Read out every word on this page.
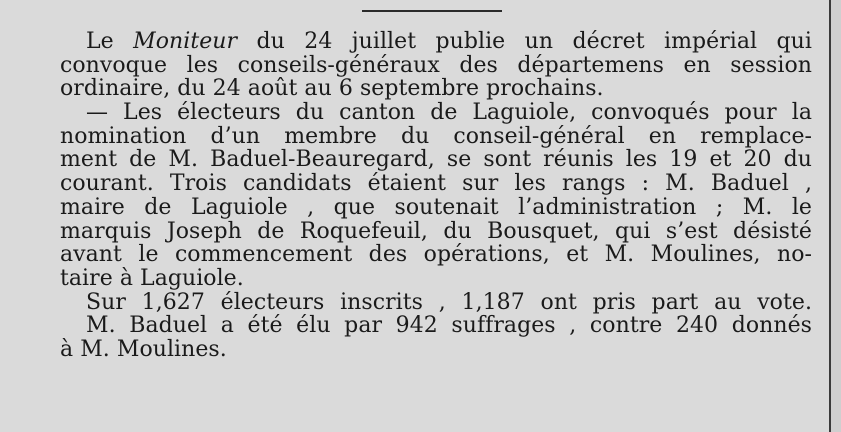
Le Moniteur du 24 juillet publie un décret impérial qui
convoque les conseils-généraux des départemens en session
ordinaire, du 24 août au 6 septembre prochains.
— Les électeurs du canton de Laguiole, convoqués pour la
nomination d’un membre du conseil-général en remplace-
ment de M. Baduel-Beauregard, se sont réunis les 19 et 20 du
courant. Trois candidats étaient sur les rangs : M. Baduel ,
maire de Laguiole , que soutenait l’administration ; M. le
marquis Joseph de Roquefeuil, du Bousquet, qui s’est désisté
avant le commencement des opérations, et M. Moulines, no-
taire à Laguiole.
Sur 1,627 électeurs inscrits , 1,187 ont pris part au vote.
M. Baduel a été élu par 942 suffrages , contre 240 donnés
à M. Moulines.
